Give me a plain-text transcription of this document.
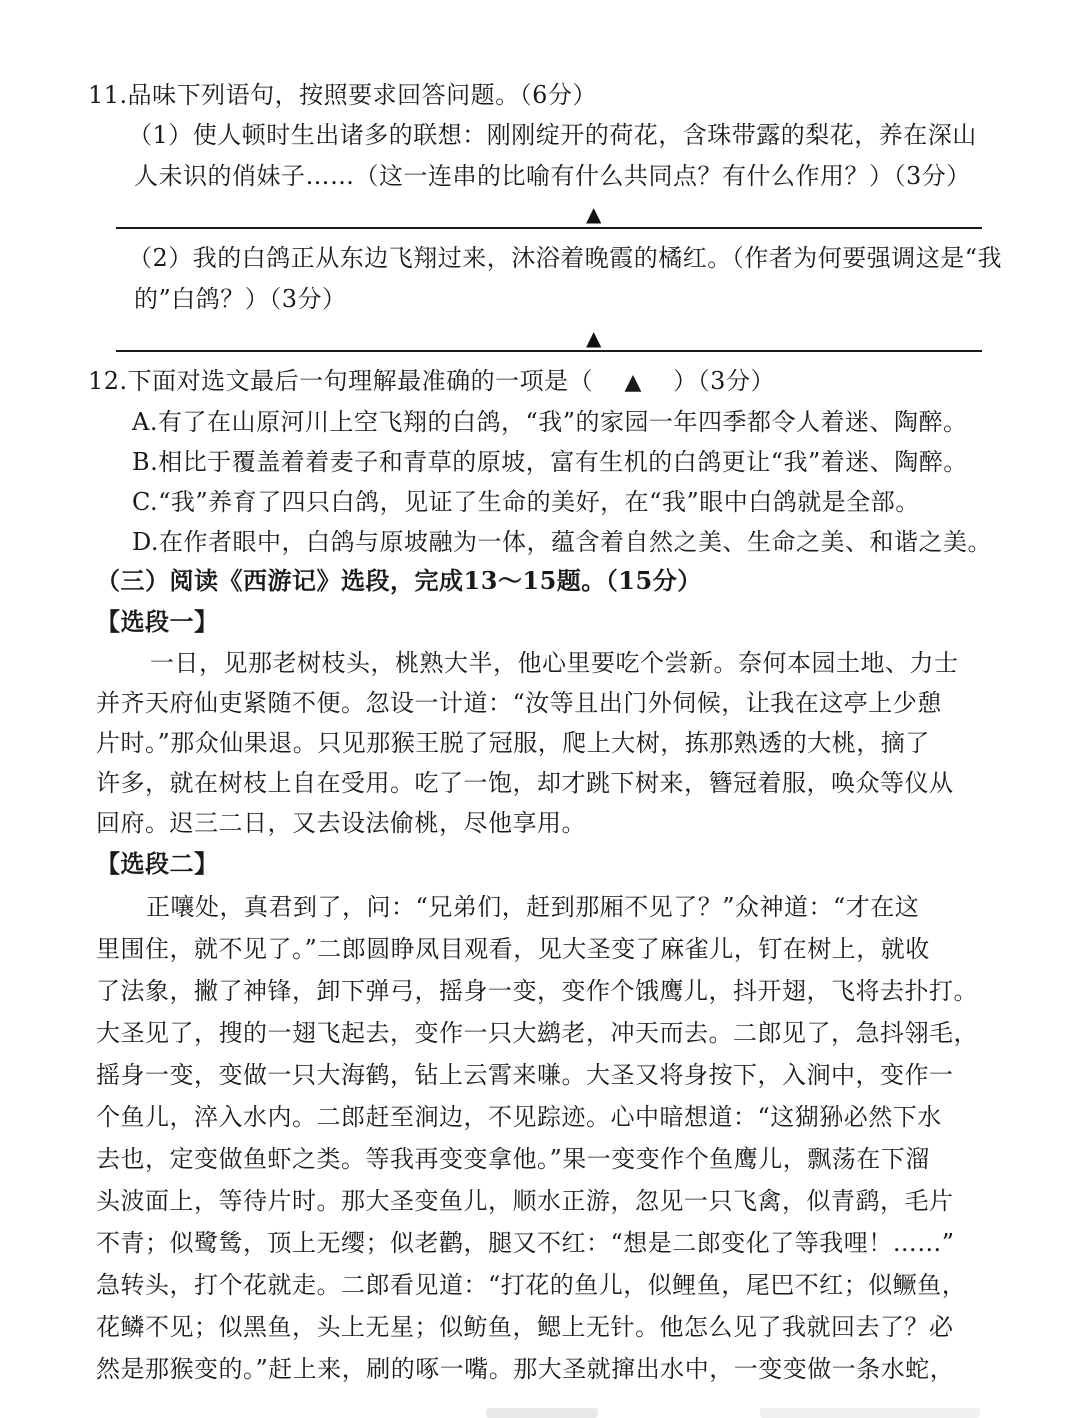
11.品味下列语句，按照要求回答问题。（6分）
（1）使人顿时生出诸多的联想：刚刚绽开的荷花，含珠带露的梨花，养在深山
人未识的俏妹子……（这一连串的比喻有什么共同点？有什么作用？）（3分）
▲
（2）我的白鸽正从东边飞翔过来，沐浴着晚霞的橘红。（作者为何要强调这是“我
的”白鸽？）（3分）
▲
12.下面对选文最后一句理解最准确的一项是（ ▲ ）（3分）
A.有了在山原河川上空飞翔的白鸽，“我”的家园一年四季都令人着迷、陶醉。
B.相比于覆盖着着麦子和青草的原坡，富有生机的白鸽更让“我”着迷、陶醉。
C.“我”养育了四只白鸽，见证了生命的美好，在“我”眼中白鸽就是全部。
D.在作者眼中，白鸽与原坡融为一体，蕴含着自然之美、生命之美、和谐之美。
（三）阅读《西游记》选段，完成13～15题。（15分）
【选段一】
一日，见那老树枝头，桃熟大半，他心里要吃个尝新。奈何本园土地、力士
并齐天府仙吏紧随不便。忽设一计道：“汝等且出门外伺候，让我在这亭上少憩
片时。”那众仙果退。只见那猴王脱了冠服，爬上大树，拣那熟透的大桃，摘了
许多，就在树枝上自在受用。吃了一饱，却才跳下树来，簪冠着服，唤众等仪从
回府。迟三二日，又去设法偷桃，尽他享用。
【选段二】
正嚷处，真君到了，问：“兄弟们，赶到那厢不见了？”众神道：“才在这
里围住，就不见了。”二郎圆睁凤目观看，见大圣变了麻雀儿，钉在树上，就收
了法象，撇了神锋，卸下弹弓，摇身一变，变作个饿鹰儿，抖开翅，飞将去扑打。
大圣见了，搜的一翅飞起去，变作一只大鹚老，冲天而去。二郎见了，急抖翎毛，
摇身一变，变做一只大海鹤，钻上云霄来嗛。大圣又将身按下，入涧中，变作一
个鱼儿，淬入水内。二郎赶至涧边，不见踪迹。心中暗想道：“这猢狲必然下水
去也，定变做鱼虾之类。等我再变变拿他。”果一变变作个鱼鹰儿，飘荡在下溜
头波面上，等待片时。那大圣变鱼儿，顺水正游，忽见一只飞禽，似青鹞，毛片
不青；似鹭鸶，顶上无缨；似老鹳，腿又不红：“想是二郎变化了等我哩！……”
急转头，打个花就走。二郎看见道：“打花的鱼儿，似鲤鱼，尾巴不红；似鳜鱼，
花鳞不见；似黑鱼，头上无星；似鲂鱼，鳃上无针。他怎么见了我就回去了？必
然是那猴变的。”赶上来，刷的啄一嘴。那大圣就撺出水中，一变变做一条水蛇，
